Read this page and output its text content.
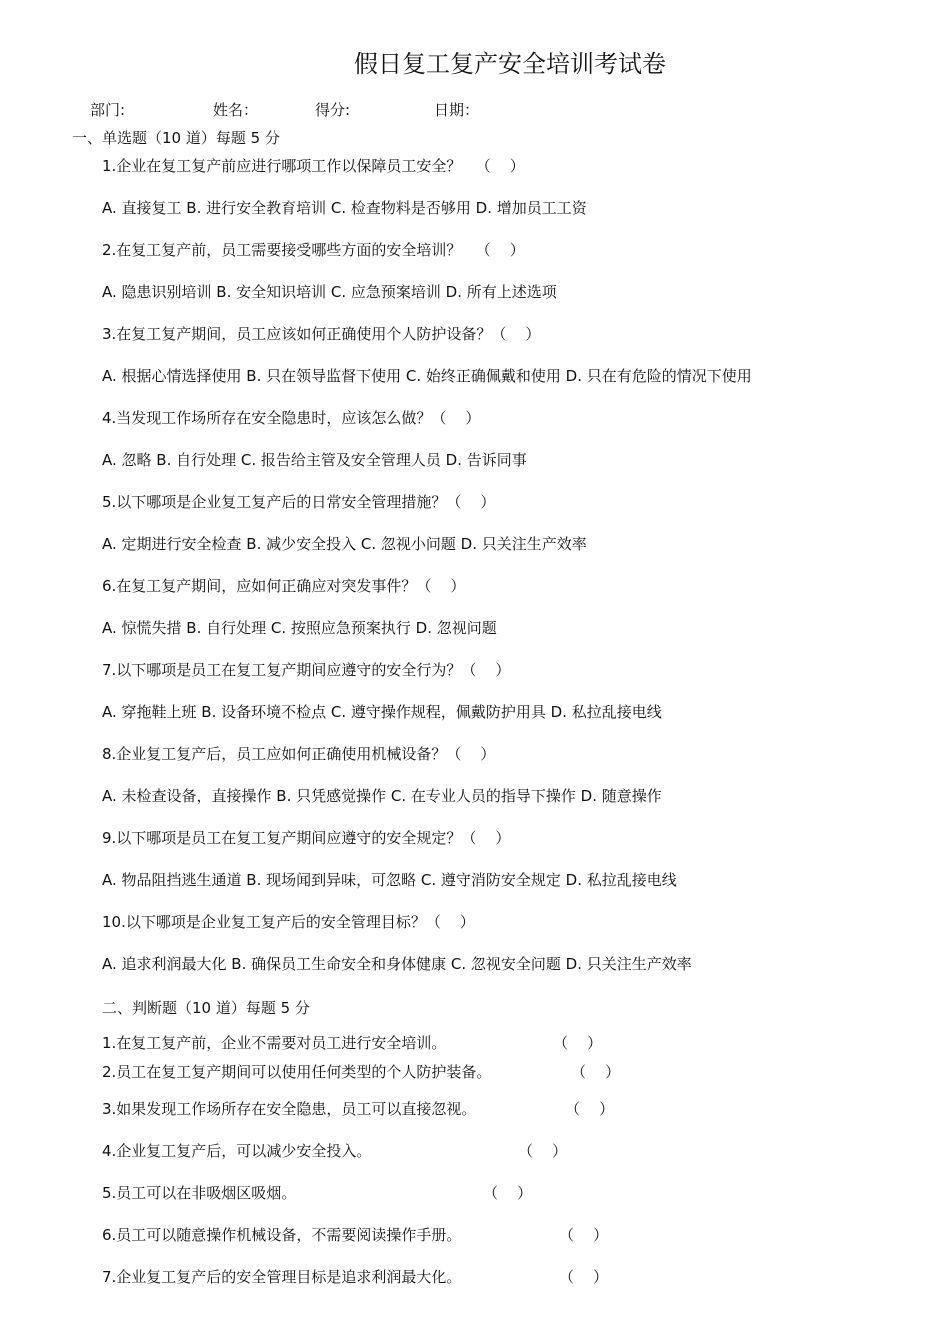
假日复工复产安全培训考试卷
部门:	姓名：	得分:	日期：
一、单选题（10 道）每题 5 分
1.企业在复工复产前应进行哪项工作以保障员工安全？   （    ）
A. 直接复工 B. 进行安全教育培训 C. 检查物料是否够用 D. 增加员工工资
2.在复工复产前，员工需要接受哪些方面的安全培训？   （    ）
A. 隐患识别培训 B. 安全知识培训 C. 应急预案培训 D. 所有上述选项
3.在复工复产期间，员工应该如何正确使用个人防护设备？（    ）
A. 根据心情选择使用 B. 只在领导监督下使用 C. 始终正确佩戴和使用 D. 只在有危险的情况下使用
4.当发现工作场所存在安全隐患时，应该怎么做？（    ）
A. 忽略 B. 自行处理 C. 报告给主管及安全管理人员 D. 告诉同事
5.以下哪项是企业复工复产后的日常安全管理措施？（    ）
A. 定期进行安全检查 B. 减少安全投入 C. 忽视小问题 D. 只关注生产效率
6.在复工复产期间，应如何正确应对突发事件？（    ）
A. 惊慌失措 B. 自行处理 C. 按照应急预案执行 D. 忽视问题
7.以下哪项是员工在复工复产期间应遵守的安全行为？（    ）
A. 穿拖鞋上班 B. 设备环境不检点 C. 遵守操作规程，佩戴防护用具 D. 私拉乱接电线
8.企业复工复产后，员工应如何正确使用机械设备？（    ）
A. 未检查设备，直接操作 B. 只凭感觉操作 C. 在专业人员的指导下操作 D. 随意操作
9.以下哪项是员工在复工复产期间应遵守的安全规定？（    ）
A. 物品阻挡逃生通道 B. 现场闻到异味，可忽略 C. 遵守消防安全规定 D. 私拉乱接电线
10.以下哪项是企业复工复产后的安全管理目标？（    ）
A. 追求利润最大化 B. 确保员工生命安全和身体健康 C. 忽视安全问题 D. 只关注生产效率
二、判断题（10 道）每题 5 分
1.在复工复产前，企业不需要对员工进行安全培训。	（    ）
2.员工在复工复产期间可以使用任何类型的个人防护装备。	（    ）
3.如果发现工作场所存在安全隐患，员工可以直接忽视。	（    ）
4.企业复工复产后，可以减少安全投入。	（    ）
5.员工可以在非吸烟区吸烟。	（    ）
6.员工可以随意操作机械设备，不需要阅读操作手册。	（    ）
7.企业复工复产后的安全管理目标是追求利润最大化。	（    ）
